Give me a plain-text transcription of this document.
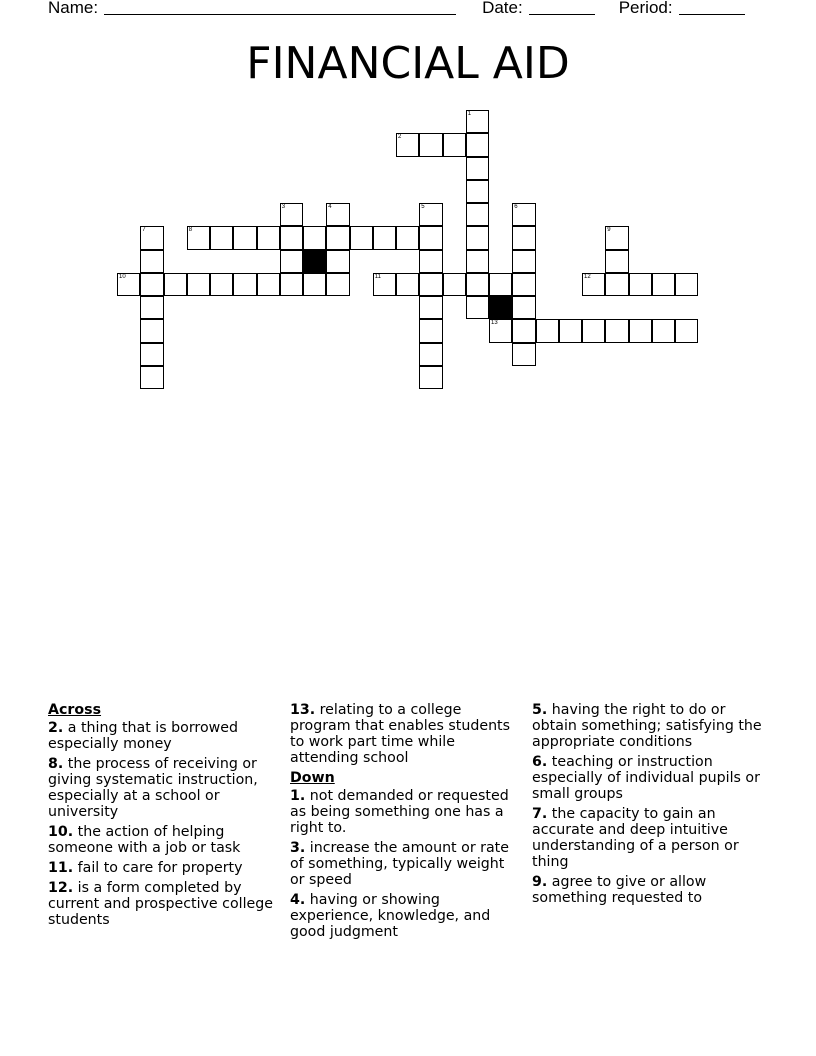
Name:	Date:	Period:
FINANCIAL AID
2
8
10	11	12
13
1
3	4	5	6
7	9
Across
2. a thing that is borrowed especially money
8. the process of receiving or giving systematic instruction, especially at a school or university
10. the action of helping someone with a job or task
11. fail to care for property
12. is a form completed by current and prospective college students
13. relating to a college program that enables students to work part time while attending school
Down
1. not demanded or requested as being something one has a right to.
3. increase the amount or rate of something, typically weight or speed
4. having or showing experience, knowledge, and good judgment
5. having the right to do or obtain something; satisfying the appropriate conditions
6. teaching or instruction especially of individual pupils or small groups
7. the capacity to gain an accurate and deep intuitive understanding of a person or thing
9. agree to give or allow something requested to
